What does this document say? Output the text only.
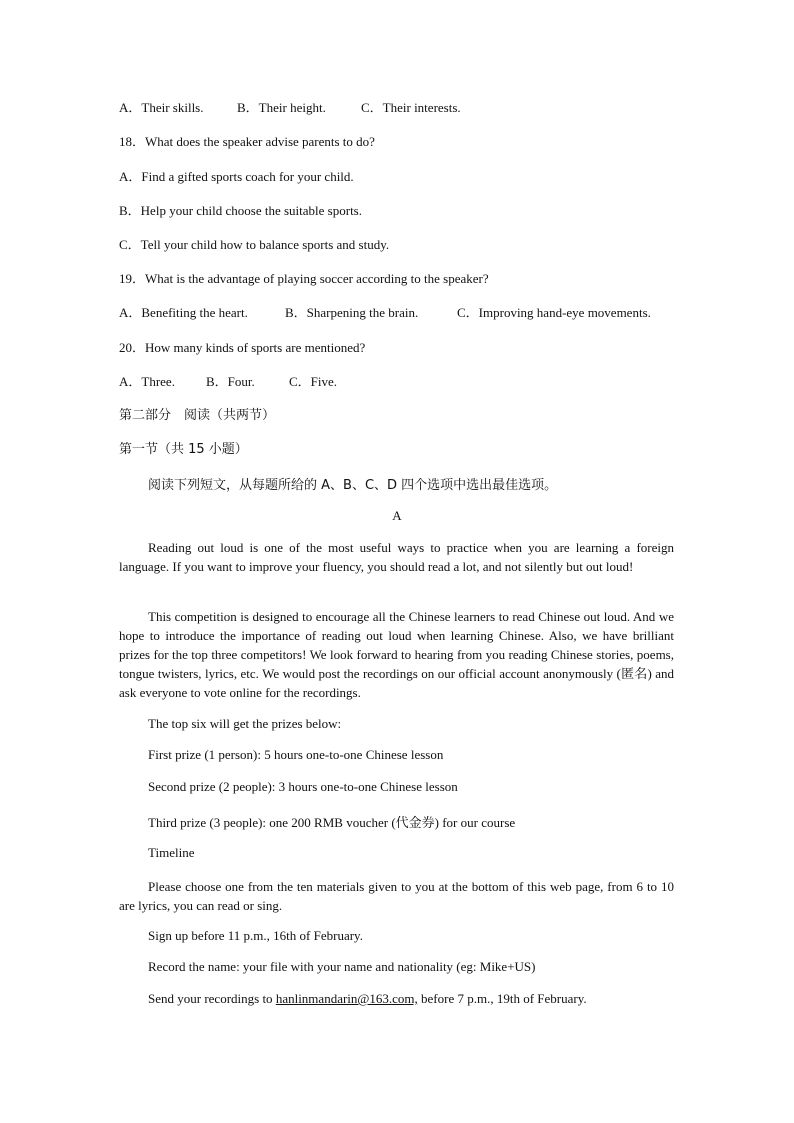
A．Their skills.	B．Their height.	C．Their interests.
18．What does the speaker advise parents to do?
A．Find a gifted sports coach for your child.
B．Help your child choose the suitable sports.
C．Tell your child how to balance sports and study.
19．What is the advantage of playing soccer according to the speaker?
A．Benefiting the heart.	B．Sharpening the brain.	C．Improving hand-eye movements.
20．How many kinds of sports are mentioned?
A．Three. B．Four.	C．Five.
第二部分　阅读（共两节）
第一节（共 15 小题）
阅读下列短文，从每题所给的 A、B、C、D 四个选项中选出最佳选项。
A
Reading out loud is one of the most useful ways to practice when you are learning a foreign language. If you want to improve your fluency, you should read a lot, and not silently but out loud!
This competition is designed to encourage all the Chinese learners to read Chinese out loud. And we hope to introduce the importance of reading out loud when learning Chinese. Also, we have brilliant prizes for the top three competitors! We look forward to hearing from you reading Chinese stories, poems, tongue twisters, lyrics, etc. We would post the recordings on our official account anonymously (匿名) and ask everyone to vote online for the recordings.
The top six will get the prizes below:
First prize (1 person): 5 hours one-to-one Chinese lesson
Second prize (2 people): 3 hours one-to-one Chinese lesson
Third prize (3 people): one 200 RMB voucher (代金券) for our course
Timeline
Please choose one from the ten materials given to you at the bottom of this web page, from 6 to 10 are lyrics, you can read or sing.
Sign up before 11 p.m., 16th of February.
Record the name: your file with your name and nationality (eg: Mike+US)
Send your recordings to hanlinmandarin@163.com, before 7 p.m., 19th of February.
